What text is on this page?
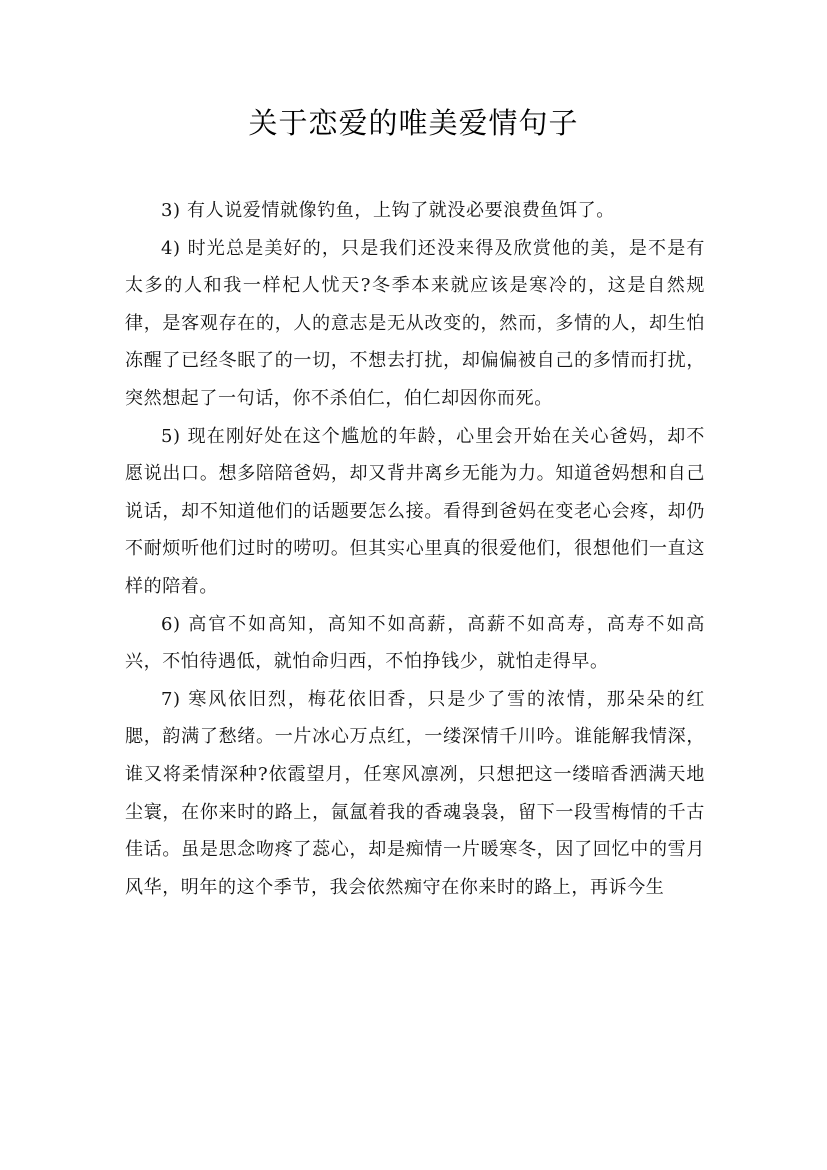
关于恋爱的唯美爱情句子

3) 有人说爱情就像钓鱼，上钩了就没必要浪费鱼饵了。

4) 时光总是美好的，只是我们还没来得及欣赏他的美，是不是有太多的人和我一样杞人忧天?冬季本来就应该是寒冷的，这是自然规律，是客观存在的，人的意志是无从改变的，然而，多情的人，却生怕冻醒了已经冬眠了的一切，不想去打扰，却偏偏被自己的多情而打扰，突然想起了一句话，你不杀伯仁，伯仁却因你而死。

5) 现在刚好处在这个尴尬的年龄，心里会开始在关心爸妈，却不愿说出口。想多陪陪爸妈，却又背井离乡无能为力。知道爸妈想和自己说话，却不知道他们的话题要怎么接。看得到爸妈在变老心会疼，却仍不耐烦听他们过时的唠叨。但其实心里真的很爱他们，很想他们一直这样的陪着。

6) 高官不如高知，高知不如高薪，高薪不如高寿，高寿不如高兴，不怕待遇低，就怕命归西，不怕挣钱少，就怕走得早。

7) 寒风依旧烈，梅花依旧香，只是少了雪的浓情，那朵朵的红腮，韵满了愁绪。一片冰心万点红，一缕深情千川吟。谁能解我情深，谁又将柔情深种?依霞望月，任寒风凛冽，只想把这一缕暗香洒满天地尘寰，在你来时的路上，氤氲着我的香魂袅袅，留下一段雪梅情的千古佳话。虽是思念吻疼了蕊心，却是痴情一片暖寒冬，因了回忆中的雪月风华，明年的这个季节，我会依然痴守在你来时的路上，再诉今生
